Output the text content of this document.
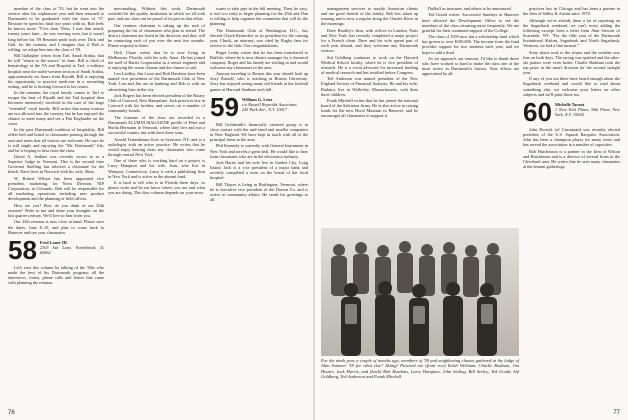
member of the class of '55, but he went into the service after his sophomore year and then returned to Dartmouth to be graduated with the class of '57. Because he spent his final two years with us, Bob feels he knows more "Y'ers than '55ers. I met him nearly twenty years later—he was moving west, but it wasn't long before his '59 Reunion pride took over. Dick and Gail, for the reunion, and I imagine that, if Bob is willing, we adopt him into the class of '59.

Bill Gallagher writes from Tarl, Saudi Arabia, that he will "return to the source" in June. Bill is chief of hematology at the VA and Hospital at Tarl, a military hospital near the north-western section of Saudi Arabia, approximately six hours from Riyadh. Bill is enjoying his opportunity to practice medicine in a rewarding setting, and he is looking forward to his return.

In the summer, the royal family comes to Tarl to escape the heat of Riyadh and the Tarl hospital then becomes intensively involved in the care of the large "extended" royal family. Bill writes that many tourists are not allowed into the country, but he has enjoyed the chance to meet many and see a Pan Englander on the coast.

In the past Dartmouth tradition of hospitality, Bill offers bed and board to classmates passing through the area and notes that all visitors are welcome. He says he is still single and enjoying the "Mr. Dartmouth" life, and he is hoping to hear from the class.

David A. Jenkins was recently sworn in as a Superior Judge in Vermont. This is the second time Governor Snelling has selected a classmate for the bench. Dave lives in Norwich with his wife, Mary.

W. Robert Wilson has been appointed vice president, marketing, for Nova Division, NIP Corporation, in Colorado. Bob will be responsible for all marketing operations including new product development and the planning of field offices.

How are you? How do you think of our 25th reunion? Write to me and share your thoughts on the last quarter century. We'd love to hear from you.

Our 25th reunion is now close at hand. Please save the dates: June 8–10, and plan to come back to Hanover and see your classmates.

58 Fred Louer III
2303 Ash Lane, Northbrook, IL 60062

Let's start this column by talking of the '58er who made the best of his Dartmouth program: all the interviews, forms, phone calls and letters that came with planning the reunion.

newsmaking. Without this work, Dartmouth wouldn't be the quality institution in which we all took part, and our class can be proud of its part in that effort.

Our reunion chairman is taking up the task of preparing the list of classmates who plan to attend. The district chairmen are listed in the directory and they will be contacting each of you over the next few months. Please respond to them.

Dick Chase writes that he is now living in Melbourne, Florida, with his wife, Anne. He has joined the staff of Harris Corporation as a senior engineer and is enjoying the warm climate and the chance to sail.

Len Laidley, Jim Lowe and Bob Hawkins have been named vice presidents of the Dartmouth Club of New York. Len and Jim are in banking and Bob is with an advertising firm in the city.

Jack Rogers has been elected president of the Rotary Club of Concord, New Hampshire. Jack practices law in Concord with his brother, and serves on a number of community boards.

The fortunes of the class are recorded in a Dartmouth ALUMNI MAGAZINE profile of Peter and Sheila Hermann in Vermont, where they live and run a successful country inn with their three sons.

Arnold Tennenbaum lives in Syracuse, NY, and is a radiologist with an active practice. He writes that he would enjoy hearing from any classmates who come through central New York.

One of these who is working hard on a project is Larry Hampton and his wife, Jean, who live in Westport, Connecticut. Larry is with a publishing firm in New York and is active in the alumni fund.

It is hard to tell who is in Florida these days, so please write and let me know where you are and what you are doing. The class column depends on your news.

wants to take part in the fall meeting. Then, he says, it isn't too early to begin planning for the 25th and Dan is willing to help organize the committee that will do the planning.

The Dartmouth Club of Washington, D.C., has elected Chuck Reinecker as its president for the coming year. Chuck, an attorney, was cited by Rugby fans for service to the club. Our congratulations.

Roger Leahy writes that he has been transferred to Buffalo, where he is now district manager for a chemical company. Roger and his family are settling in and would welcome any classmates in the area.

Anyone traveling to Boston this year should look up Jerry Russell, who is teaching at Boston University. Jerry has enjoyed seeing many old friends at the football games at Harvard Stadium each fall.

59 William G. Lenz
c/o Russell Reynolds Associates
245 Park Ave., N.Y. 10017

Bill Goldsmith's financially oriented group is in close contact with the mid-sized and smaller companies in New England. We have kept in touch with all of the principal firms in the area.

Phil Kennedy is currently with General Instrument in New York and travels a great deal. He would like to hear from classmates who are in the electronics industry.

Jack Harris and his wife live in Garden City, Long Island. Jack is a vice president of a major bank and recently completed a term on the board of the local hospital.

Bill Thayer is living in Burlington, Vermont, where he is executive vice president of the Dotson Co. and is active in community affairs. He sends his greetings to all.

management services to mostly American clients and are good friends of the family. Bob has taken up running and is now a regular along the Charles River in the mornings.

Dave Bradley's firm, with offices in London, Paris and New York, has recently completed a major project for a French client. Dave and his wife spend part of each year abroad, and they welcome any Dartmouth visitors.

Sid Goldberg continues to work on the Harvard Medical School faculty, where he is vice president of research. He is a vocal advocate for increased funding of medical research and has testified before Congress.

Ted Anderson was named president of the New England Society of Financial Analysts. He and his wife, Barbara, live in Wellesley, Massachusetts, with their three children.

Frank Mitchell writes that he has joined the national board of the Salvation Army. He is also active in raising funds for the new Hood Museum in Hanover, and he encourages all classmates to support it.

DuBoff as treasurer, and others to be announced.

Ted Gould writes: Successive Sundays in Hanover have allowed the Development Office to see the members of the class returning more frequently. We are grateful for their continued support of the College.

The class of 1959 now has a scholarship fund which has grown to over $100,000. The income from the fund provides support for two students each year, and we hope to add a third.

As we approach our reunion, I'd like to thank those who have worked so hard to make the class one of the most active in Dartmouth's history. Your efforts are appreciated by all.

practices law in Chicago and has been a partner in the firm of Sidley & Austin since 1970.

Although we've already done a lot of reporting on the Sugarbush weekend, we can't resist adding the following excerpt from a letter from Alan Stewart of Scarsdale, NY: "For the fifth year of the Dartmouth Invitational Slalom, Sugarbush and North Sugarbush, Vermont, we had a fine turnout."

Sixty skiers took to the slopes and the weather was fine on both days. The racing was spirited and the after-ski parties were even better. Charlie Rudman took the top prize in the men's division for the second straight year.

If any of you out there have heard enough about the Sugarbush weekend and would like to read about something else, we welcome your letters on other subjects and we'll print those too.

60 Michelle Tarant
1 New York Plaza, 30th Floor, New York, N.Y. 10004

John Horrick (of Cincinnati) was recently elected president of the U.S. Squash Racquets Association. John has been a champion player for many years and has served the association in a number of capacities.

Bob Hutchinson is a partner in the firm of Wilson and Hutchinson and is a director of several firms in the Cleveland area. He writes that he sees many classmates at the alumni gatherings.

For the ninth year, a couple of months ago, members of '59 and neighboring classes gathered at the lodge of Alan Sommer '59 for what else? Skiing! Pictured are (front row) Keith Wellman, Charlie Rudman, Jim Heuser, Jack Harris, and (back) Bob Hawkins, Larry Hampton, John Sieling, Bill Seeley, Ted Gould, Sid Goldberg, Ted Anderson and Frank Mitchell.
76	77
